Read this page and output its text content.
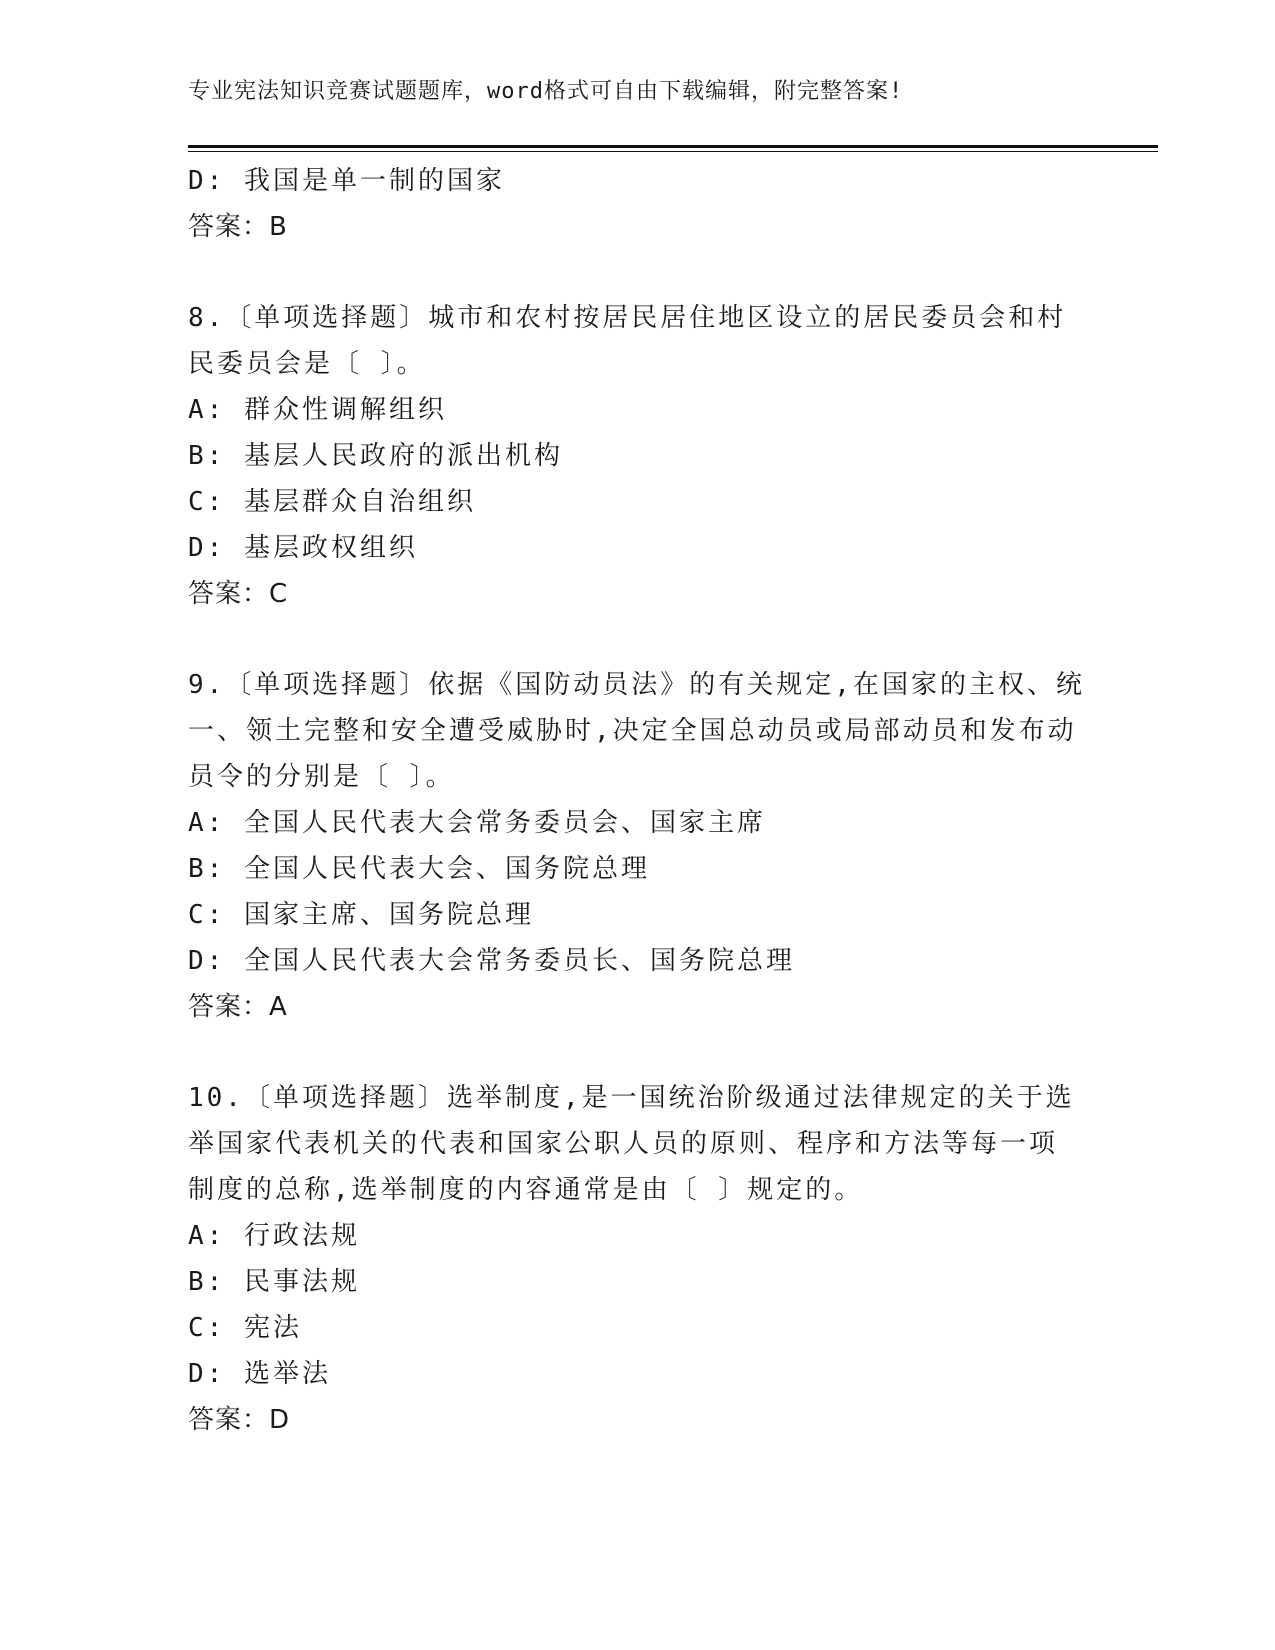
专业宪法知识竞赛试题题库，word格式可自由下载编辑，附完整答案!
D: 我国是单一制的国家
答案：B
8.〔单项选择题〕城市和农村按居民居住地区设立的居民委员会和村
民委员会是〔 〕。
A: 群众性调解组织
B: 基层人民政府的派出机构
C: 基层群众自治组织
D: 基层政权组织
答案：C
9.〔单项选择题〕依据《国防动员法》的有关规定,在国家的主权、统
一、领土完整和安全遭受威胁时,决定全国总动员或局部动员和发布动
员令的分别是〔 〕。
A: 全国人民代表大会常务委员会、国家主席
B: 全国人民代表大会、国务院总理
C: 国家主席、国务院总理
D: 全国人民代表大会常务委员长、国务院总理
答案：A
10.〔单项选择题〕选举制度,是一国统治阶级通过法律规定的关于选
举国家代表机关的代表和国家公职人员的原则、程序和方法等每一项
制度的总称,选举制度的内容通常是由〔 〕规定的。
A: 行政法规
B: 民事法规
C: 宪法
D: 选举法
答案：D
